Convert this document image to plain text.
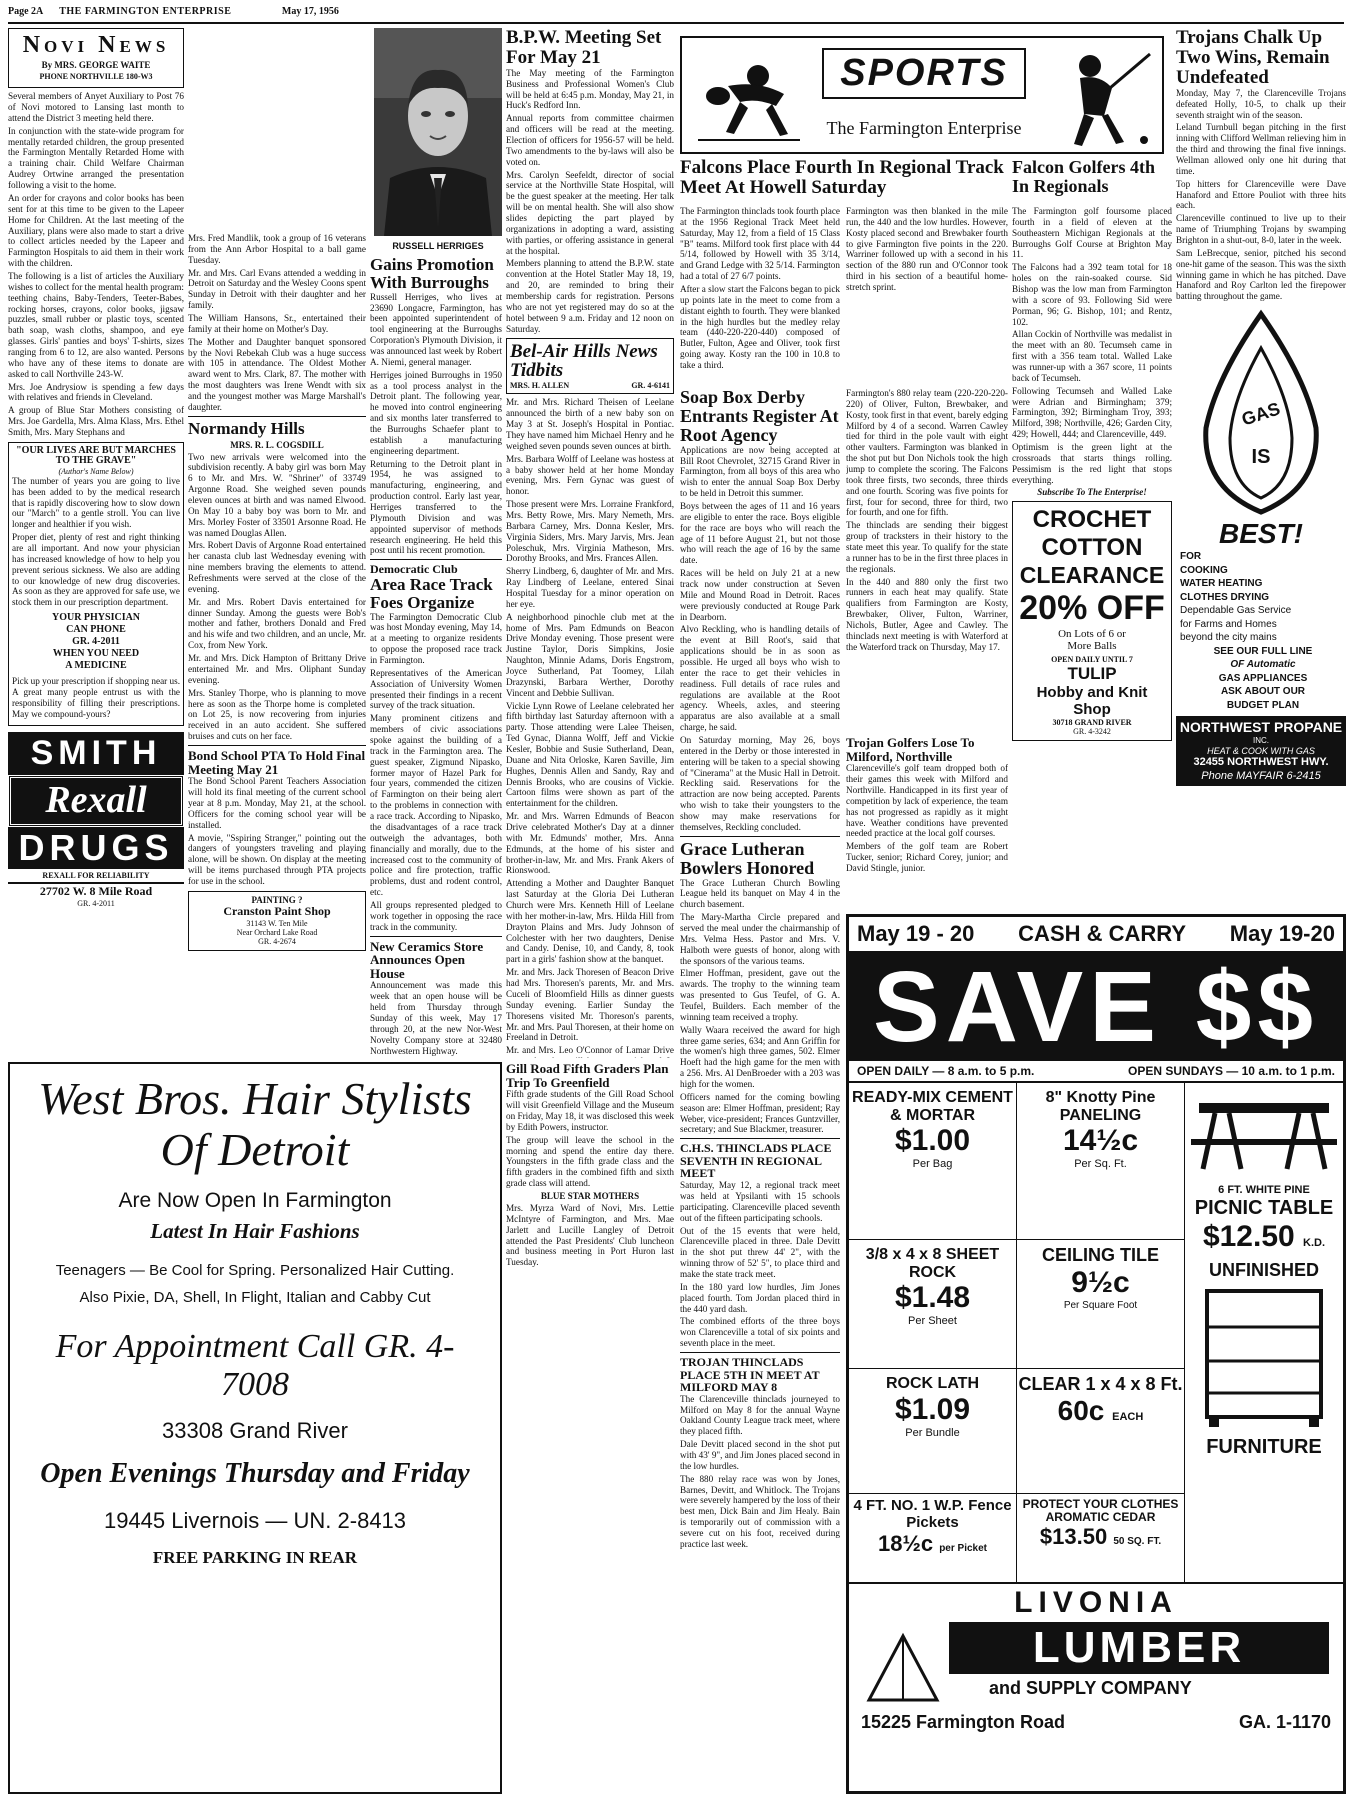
Page 2A THE FARMINGTON ENTERPRISE	May 17, 1956
Novi News
By MRS. GEORGE WAITE
PHONE NORTHVILLE 180-W3

Several members of Anyet Auxiliary to Post 76 of Novi motored to Lansing last month to attend the District 3 meeting held there.

In conjunction with the state-wide program for mentally retarded children, the group presented the Farmington Mentally Retarded Home with a training chair. Child Welfare Chairman Audrey Ortwine arranged the presentation following a visit to the home.

An order for crayons and color books has been sent for at this time to be given to the Lapeer Home for Children. At the last meeting of the Auxiliary, plans were also made to start a drive to collect articles needed by the Lapeer and Farmington Hospitals to aid them in their work with the children.

The following is a list of articles the Auxiliary wishes to collect for the mental health program: teething chains, Baby-Tenders, Teeter-Babes, rocking horses, crayons, color books, jigsaw puzzles, small rubber or plastic toys, scented bath soap, wash cloths, shampoo, and eye glasses. Girls' panties and boys' T-shirts, sizes ranging from 6 to 12, are also wanted. Persons who have any of these items to donate are asked to call Northville 243-W.

Mrs. Joe Andrysiow is spending a few days with relatives and friends in Cleveland.

A group of Blue Star Mothers consisting of Mrs. Joe Gardella, Mrs. Alma Klass, Mrs. Ethel Smith, Mrs. Mary Stephans and

"OUR LIVES ARE BUT MARCHES TO THE GRAVE"
(Author's Name Below)

The number of years you are going to live has been added to by the medical research that is rapidly discovering how to slow down our "March" to a gentle stroll. You can live longer and healthier if you wish.

Proper diet, plenty of rest and right thinking are all important. And now your physician has increased knowledge of how to help you prevent serious sickness. We also are adding to our knowledge of new drug discoveries. As soon as they are approved for safe use, we stock them in our prescription department.

YOUR PHYSICIAN
CAN PHONE
GR. 4-2011
WHEN YOU NEED
A MEDICINE

Pick up your prescription if shopping near us. A great many people entrust us with the responsibility of filling their prescriptions. May we compound-yours?

SMITH
Rexall
DRUGS
REXALL FOR RELIABILITY
27702 W. 8 Mile Road
GR. 4-2011

Mrs. Fred Mandlik, took a group of 16 veterans from the Ann Arbor Hospital to a ball game Tuesday.

Mr. and Mrs. Carl Evans attended a wedding in Detroit on Saturday and the Wesley Coons spent Sunday in Detroit with their daughter and her family.

The William Hansons, Sr., entertained their family at their home on Mother's Day.

The Mother and Daughter banquet sponsored by the Novi Rebekah Club was a huge success with 105 in attendance. The Oldest Mother award went to Mrs. Clark, 87. The mother with the most daughters was Irene Wendt with six and the youngest mother was Marge Marshall's daughter.

Normandy Hills
MRS. R. L. COGSDILL

Two new arrivals were welcomed into the subdivision recently. A baby girl was born May 6 to Mr. and Mrs. W. "Shriner" of 33749 Argonne Road. She weighed seven pounds eleven ounces at birth and was named Elwood. On May 10 a baby boy was born to Mr. and Mrs. Morley Foster of 33501 Arsonne Road. He was named Douglas Allen.

Mrs. Robert Davis of Argonne Road entertained her canasta club last Wednesday evening with nine members braving the elements to attend. Refreshments were served at the close of the evening.

Mr. and Mrs. Robert Davis entertained for dinner Sunday. Among the guests were Bob's mother and father, brothers Donald and Fred and his wife and two children, and an uncle, Mr. Cox, from New York.

Mr. and Mrs. Dick Hampton of Brittany Drive entertained Mr. and Mrs. Oliphant Sunday evening.

Mrs. Stanley Thorpe, who is planning to move here as soon as the Thorpe home is completed on Lot 25, is now recovering from injuries received in an auto accident. She suffered bruises and cuts on her face.

Bond School PTA To Hold Final Meeting May 21

The Bond School Parent Teachers Association will hold its final meeting of the current school year at 8 p.m. Monday, May 21, at the school. Officers for the coming school year will be installed.

A movie, "Sspiring Stranger," pointing out the dangers of youngsters traveling and playing alone, will be shown. On display at the meeting will be items purchased through PTA projects for use in the school.

PAINTING ?
Cranston Paint Shop
31143 W. Ten Mile
Near Orchard Lake Road
GR. 4-2674
RUSSELL HERRIGES
Gains Promotion With Burroughs

Russell Herriges, who lives at 23690 Longacre, Farmington, has been appointed superintendent of tool engineering at the Burroughs Corporation's Plymouth Division, it was announced last week by Robert A. Niemi, general manager.

Herriges joined Burroughs in 1950 as a tool process analyst in the Detroit plant. The following year, he moved into control engineering and six months later transferred to the Burroughs Schaefer plant to establish a manufacturing engineering department.

Returning to the Detroit plant in 1954, he was assigned to manufacturing, engineering, and production control. Early last year, Herriges transferred to the Plymouth Division and was appointed supervisor of methods research engineering. He held this post until his recent promotion.

Democratic Club
Area Race Track Foes Organize

The Farmington Democratic Club was host Monday evening, May 14, at a meeting to organize residents to oppose the proposed race track in Farmington.

Representatives of the American Association of University Women presented their findings in a recent survey of the track situation.

Many prominent citizens and members of civic associations spoke against the building of a track in the Farmington area. The guest speaker, Zigmund Nipasko, former mayor of Hazel Park for four years, commended the citizen of Farmington on their being alert to the problems in connection with a race track. According to Nipasko, the disadvantages of a race track outweigh the advantages, both financially and morally, due to the increased cost to the community of police and fire protection, traffic problems, dust and rodent control, etc.

All groups represented pledged to work together in opposing the race track in the community.

New Ceramics Store Announces Open House

Announcement was made this week that an open house will be held from Thursday through Sunday of this week, May 17 through 20, at the new Nor-West Novelty Company store at 32480 Northwestern Highway.

B.P.W. Meeting Set For May 21

The May meeting of the Farmington Business and Professional Women's Club will be held at 6:45 p.m. Monday, May 21, in Huck's Redford Inn.

Annual reports from committee chairmen and officers will be read at the meeting. Election of officers for 1956-57 will be held. Two amendments to the by-laws will also be voted on.

Mrs. Carolyn Seefeldt, director of social service at the Northville State Hospital, will be the guest speaker at the meeting. Her talk will be on mental health. She will also show slides depicting the part played by organizations in adopting a ward, assisting with parties, or offering assistance in general at the hospital.

Members planning to attend the B.P.W. state convention at the Hotel Statler May 18, 19, and 20, are reminded to bring their membership cards for registration. Persons who are not yet registered may do so at the hotel between 9 a.m. Friday and 12 noon on Saturday.

Bel-Air Hills News Tidbits
MRS. H. ALLEN	GR. 4-6141

Mr. and Mrs. Richard Theisen of Leelane announced the birth of a new baby son on May 3 at St. Joseph's Hospital in Pontiac. They have named him Michael Henry and he weighed seven pounds seven ounces at birth.

Mrs. Barbara Wolff of Leelane was hostess at a baby shower held at her home Monday evening, Mrs. Fern Gynac was guest of honor.

Those present were Mrs. Lorraine Frankford, Mrs. Betty Rowe, Mrs. Mary Nemeth, Mrs. Barbara Carney, Mrs. Donna Kesler, Mrs. Virginia Siders, Mrs. Mary Jarvis, Mrs. Jean Poleschuk, Mrs. Virginia Matheson, Mrs. Dorothy Brooks, and Mrs. Frances Allen.

Sherry Lindberg, 6, daughter of Mr. and Mrs. Ray Lindberg of Leelane, entered Sinai Hospital Tuesday for a minor operation on her eye.

A neighborhood pinochle club met at the home of Mrs. Pam Edmunds on Beacon Drive Monday evening. Those present were Justine Taylor, Doris Simpkins, Josie Naughton, Minnie Adams, Doris Engstrom, Joyce Sutherland, Pat Toomey, Lilah Drazynski, Barbara Werther, Dorothy Vincent and Debbie Sullivan.

Vickie Lynn Rowe of Leelane celebrated her fifth birthday last Saturday afternoon with a party. Those attending were Lalee Theisen, Ted Gynac, Dianna Wolff, Jeff and Vickie Kesler, Bobbie and Susie Sutherland, Dean, Duane and Nita Orloske, Karen Saville, Jim Hughes, Dennis Allen and Sandy, Ray and Dennis Brooks, who are cousins of Vickie. Cartoon films were shown as part of the entertainment for the children.

Mr. and Mrs. Warren Edmunds of Beacon Drive celebrated Mother's Day at a dinner with Mr. Edmunds' mother, Mrs. Anna Edmunds, at the home of his sister and brother-in-law, Mr. and Mrs. Frank Akers of Rionswood.

Attending a Mother and Daughter Banquet last Saturday at the Gloria Dei Lutheran Church were Mrs. Kenneth Hill of Leelane with her mother-in-law, Mrs. Hilda Hill from Drayton Plains and Mrs. Judy Johnson of Colchester with her two daughters, Denise and Candy. Denise, 10, and Candy, 8, took part in a girls' fashion show at the banquet.

Mr. and Mrs. Jack Thoresen of Beacon Drive had Mrs. Thoresen's parents, Mr. and Mrs. Cuceli of Bloomfield Hills as dinner guests Sunday evening. Earlier Sunday the Thoresens visited Mr. Thoreson's parents, Mr. and Mrs. Paul Thoresen, at their home on Freeland in Detroit.

Mr. and Mrs. Leo O'Connor of Lamar Drive

Gill Road Fifth Graders Plan Trip To Greenfield

Fifth grade students of the Gill Road School will visit Greenfield Village and the Museum on Friday, May 18, it was disclosed this week by Edith Powers, instructor.

The group will leave the school in the morning and spend the entire day there. Youngsters in the fifth grade class and the fifth graders in the combined fifth and sixth grade class will attend.

BLUE STAR MOTHERS

Mrs. Myrza Ward of Novi, Mrs. Lettie McIntyre of Farmington, and Mrs. Mae Jarlett and Lucille Langley of Detroit attended the Past Presidents' Club luncheon and business meeting in Port Huron last Tuesday.

West Bros. Hair Stylists
Of Detroit
Are Now Open In Farmington
Latest In Hair Fashions
Teenagers — Be Cool for Spring. Personalized Hair Cutting.
Also Pixie, DA, Shell, In Flight, Italian and Cabby Cut
For Appointment Call GR. 4-7008
33308 Grand River
Open Evenings Thursday and Friday
19445 Livernois — UN. 2-8413
FREE PARKING IN REAR
SPORTS
The Farmington Enterprise
Falcons Place Fourth In Regional Track Meet At Howell Saturday

The Farmington thinclads took fourth place at the 1956 Regional Track Meet held Saturday, May 12, from a field of 15 Class "B" teams. Milford took first place with 44 5/14, followed by Howell with 35 3/14, and Grand Ledge with 32 5/14. Farmington had a total of 27 6/7 points.

After a slow start the Falcons began to pick up points late in the meet to come from a distant eighth to fourth. They were blanked in the high hurdles but the medley relay team (440-220-220-440) composed of Butler, Fulton, Agee and Oliver, took first going away. Kosty ran the 100 in 10.8 to take a third.

Farmington was then blanked in the mile run, the 440 and the low hurdles. However, Kosty placed second and Brewbaker fourth to give Farmington five points in the 220. Warriner followed up with a second in his section of the 880 run and O'Connor took third in his section of a beautiful home-stretch sprint.

Soap Box Derby Entrants Register At Root Agency

Applications are now being accepted at Bill Root Chevrolet, 32715 Grand River in Farmington, from all boys of this area who wish to enter the annual Soap Box Derby to be held in Detroit this summer.

Boys between the ages of 11 and 16 years are eligible to enter the race. Boys eligible for the race are boys who will reach the age of 11 before August 21, but not those who will reach the age of 16 by the same date.

Races will be held on July 21 at a new track now under construction at Seven Mile and Mound Road in Detroit. Races were previously conducted at Rouge Park in Dearborn.

Alvo Reckling, who is handling details of the event at Bill Root's, said that applications should be in as soon as possible. He urged all boys who wish to enter the race to get their vehicles in readiness. Full details of race rules and regulations are available at the Root agency. Wheels, axles, and steering apparatus are also available at a small charge, he said.

On Saturday morning, May 26, boys entered in the Derby or those interested in entering will be taken to a special showing of "Cinerama" at the Music Hall in Detroit. Reckling said. Reservations for the attraction are now being accepted. Parents who wish to take their youngsters to the show may make reservations for themselves, Reckling concluded.

Grace Lutheran Bowlers Honored

The Grace Lutheran Church Bowling League held its banquet on May 4 in the church basement.

The Mary-Martha Circle prepared and served the meal under the chairmanship of Mrs. Velma Hess. Pastor and Mrs. V. Halboth were guests of honor, along with the sponsors of the various teams.

Elmer Hoffman, president, gave out the awards. The trophy to the winning team was presented to Gus Teufel, of G. A. Teufel, Builders. Each member of the winning team received a trophy.

Wally Waara received the award for high three game series, 634; and Ann Griffin for the women's high three games, 502. Elmer Hoeft had the high game for the men with a 256. Mrs. Al DenBroeder with a 203 was high for the women.

Officers named for the coming bowling season are: Elmer Hoffman, president; Ray Weber, vice-president; Frances Guntzviller, secretary; and Sue Blackmer, treasurer.

C.H.S. THINCLADS PLACE SEVENTH IN REGIONAL MEET

Saturday, May 12, a regional track meet was held at Ypsilanti with 15 schools participating. Clarenceville placed seventh out of the fifteen participating schools.

Out of the 15 events that were held, Clarenceville placed in three. Dale Devitt in the shot put threw 44' 2", with the winning throw of 52' 5", to place third and make the state track meet.

In the 180 yard low hurdles, Jim Jones placed fourth. Tom Jordan placed third in the 440 yard dash.

The combined efforts of the three boys won Clarenceville a total of six points and seventh place in the meet.

TROJAN THINCLADS PLACE 5TH IN MEET AT MILFORD MAY 8

The Clarenceville thinclads journeyed to Milford on May 8 for the annual Wayne Oakland County League track meet, where they placed fifth.

Dale Devitt placed second in the shot put with 43' 9", and Jim Jones placed second in the low hurdles.

The 880 relay race was won by Jones, Barnes, Devitt, and Whitlock. The Trojans were severely hampered by the loss of their best men, Dick Bain and Jim Healy. Bain is temporarily out of commission with a severe cut on his foot, received during practice last week.

Falcon Golfers 4th In Regionals

Farmington's 880 relay team (220-220-220-220) of Oliver, Fulton, Brewbaker, and Kosty, took first in that event, barely edging Milford by 4 of a second. Warren Cawley tied for third in the pole vault with eight other vaulters. Farmington was blanked in the shot put but Don Nichols took the high jump to complete the scoring. The Falcons took three firsts, two seconds, three thirds and one fourth. Scoring was five points for first, four for second, three for third, two for fourth, and one for fifth.

The thinclads are sending their biggest group of tracksters in their history to the state meet this year. To qualify for the state a runner has to be in the first three places in the regionals.

In the 440 and 880 only the first two runners in each heat may qualify. State qualifiers from Farmington are Kosty, Brewbaker, Oliver, Fulton, Warriner, Nichols, Butler, Agee and Cawley. The thinclads next meeting is with Waterford at the Waterford track on Thursday, May 17.

The Farmington golf foursome placed fourth in a field of eleven at the Southeastern Michigan Regionals at the Burroughs Golf Course at Brighton May 11.

The Falcons had a 392 team total for 18 holes on the rain-soaked course. Sid Bishop was the low man from Farmington with a score of 93. Following Sid were Porman, 96; G. Bishop, 101; and Rentz, 102.

Allan Cockin of Northville was medalist in the meet with an 80. Tecumseh came in first with a 356 team total. Walled Lake was runner-up with a 367 score, 11 points back of Tecumseh.

Following Tecumseh and Walled Lake were Adrian and Birmingham; 379; Farmington, 392; Birmingham Troy, 393; Milford, 398; Northville, 426; Garden City, 429; Howell, 444; and Clarenceville, 449.

Optimism is the green light at the crossroads that starts things rolling. Pessimism is the red light that stops everything.

Subscribe To The Enterprise!
CROCHET
COTTON
CLEARANCE
20% OFF
On Lots of 6 or
More Balls
OPEN DAILY UNTIL 7
TULIP
Hobby and Knit
Shop
30718 GRAND RIVER
GR. 4-3242
Trojan Golfers Lose To Milford, Northville

Clarenceville's golf team dropped both of their games this week with Milford and Northville. Handicapped in its first year of competition by lack of experience, the team has not progressed as rapidly as it might have. Weather conditions have prevented needed practice at the local golf courses.

Members of the golf team are Robert Tucker, senior; Richard Corey, junior; and David Stingle, junior.

Trojans Chalk Up Two Wins, Remain Undefeated

Monday, May 7, the Clarenceville Trojans defeated Holly, 10-5, to chalk up their seventh straight win of the season.

Leland Turnbull began pitching in the first inning with Clifford Wellman relieving him in the third and throwing the final five innings. Wellman allowed only one hit during that time.

Top hitters for Clarenceville were Dave Hanaford and Ettore Pouliot with three hits each.

Clarenceville continued to live up to their name of Triumphing Trojans by swamping Brighton in a shut-out, 8-0, later in the week.

Sam LeBrecque, senior, pitched his second one-hit game of the season. This was the sixth winning game in which he has pitched. Dave Hanaford and Roy Carlton led the firepower batting throughout the game.

GAS
IS
BEST!
FOR
COOKING
WATER HEATING
CLOTHES DRYING
Dependable Gas Service
for Farms and Homes
beyond the city mains
SEE OUR FULL LINE
OF Automatic
GAS APPLIANCES
ASK ABOUT OUR
BUDGET PLAN
NORTHWEST PROPANE
INC.
HEAT & COOK WITH GAS
32455 NORTHWEST HWY.
Phone MAYFAIR 6-2415
May 19 - 20 CASH & CARRY May 19-20
SAVE $$
OPEN DAILY — 8 a.m. to 5 p.m.	OPEN SUNDAYS — 10 a.m. to 1 p.m.
READY-MIX CEMENT & MORTAR
$1.00
Per Bag
3/8 x 4 x 8 SHEET ROCK
$1.48
Per Sheet
ROCK LATH
$1.09
Per Bundle
4 FT. NO. 1 W.P. Fence Pickets
18½c per Picket
8" Knotty Pine PANELING
14½c
Per Sq. Ft.
CEILING TILE
9½c
Per Square Foot
CLEAR 1 x 4 x 8 Ft.
60c EACH
PROTECT YOUR CLOTHES AROMATIC CEDAR
$13.50 50 SQ. FT.
6 FT. WHITE PINE
PICNIC TABLE
$12.50 K.D.
UNFINISHED
FURNITURE
LIVONIA
LUMBER
and SUPPLY COMPANY
15225 Farmington Road	GA. 1-1170
